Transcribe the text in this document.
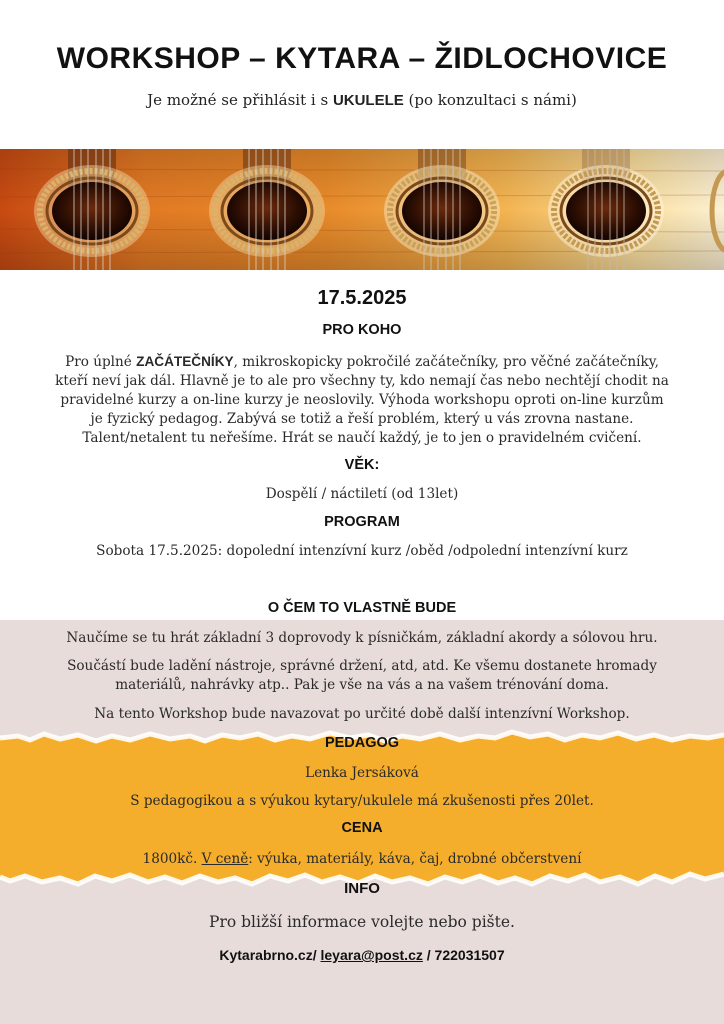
WORKSHOP – KYTARA – ŽIDLOCHOVICE
Je možné se přihlásit i s UKULELE (po konzultaci s námi)
17.5.2025
PRO KOHO
Pro úplné ZAČÁTEČNÍKY, mikroskopicky pokročilé začátečníky, pro věčné začátečníky,
kteří neví jak dál. Hlavně je to ale pro všechny ty, kdo nemají čas nebo nechtějí chodit na
pravidelné kurzy a on-line kurzy je neoslovily. Výhoda workshopu oproti on-line kurzům
je fyzický pedagog. Zabývá se totiž a řeší problém, který u vás zrovna nastane.
Talent/netalent tu neřešíme. Hrát se naučí každý, je to jen o pravidelném cvičení.
VĚK:
Dospělí / náctiletí (od 13let)
PROGRAM
Sobota 17.5.2025: dopolední intenzívní kurz /oběd /odpolední intenzívní kurz
O ČEM TO VLASTNĚ BUDE
Naučíme se tu hrát základní 3 doprovody k písničkám, základní akordy a sólovou hru.
Součástí bude ladění nástroje, správné držení, atd, atd. Ke všemu dostanete hromady
materiálů, nahrávky atp.. Pak je vše na vás a na vašem trénování doma.
Na tento Workshop bude navazovat po určité době další intenzívní Workshop.
PEDAGOG
Lenka Jersáková
S pedagogikou a s výukou kytary/ukulele má zkušenosti přes 20let.
CENA
1800kč. V ceně: výuka, materiály, káva, čaj, drobné občerstvení
INFO
Pro bližší informace volejte nebo pište.
Kytarabrno.cz/ leyara@post.cz / 722031507
